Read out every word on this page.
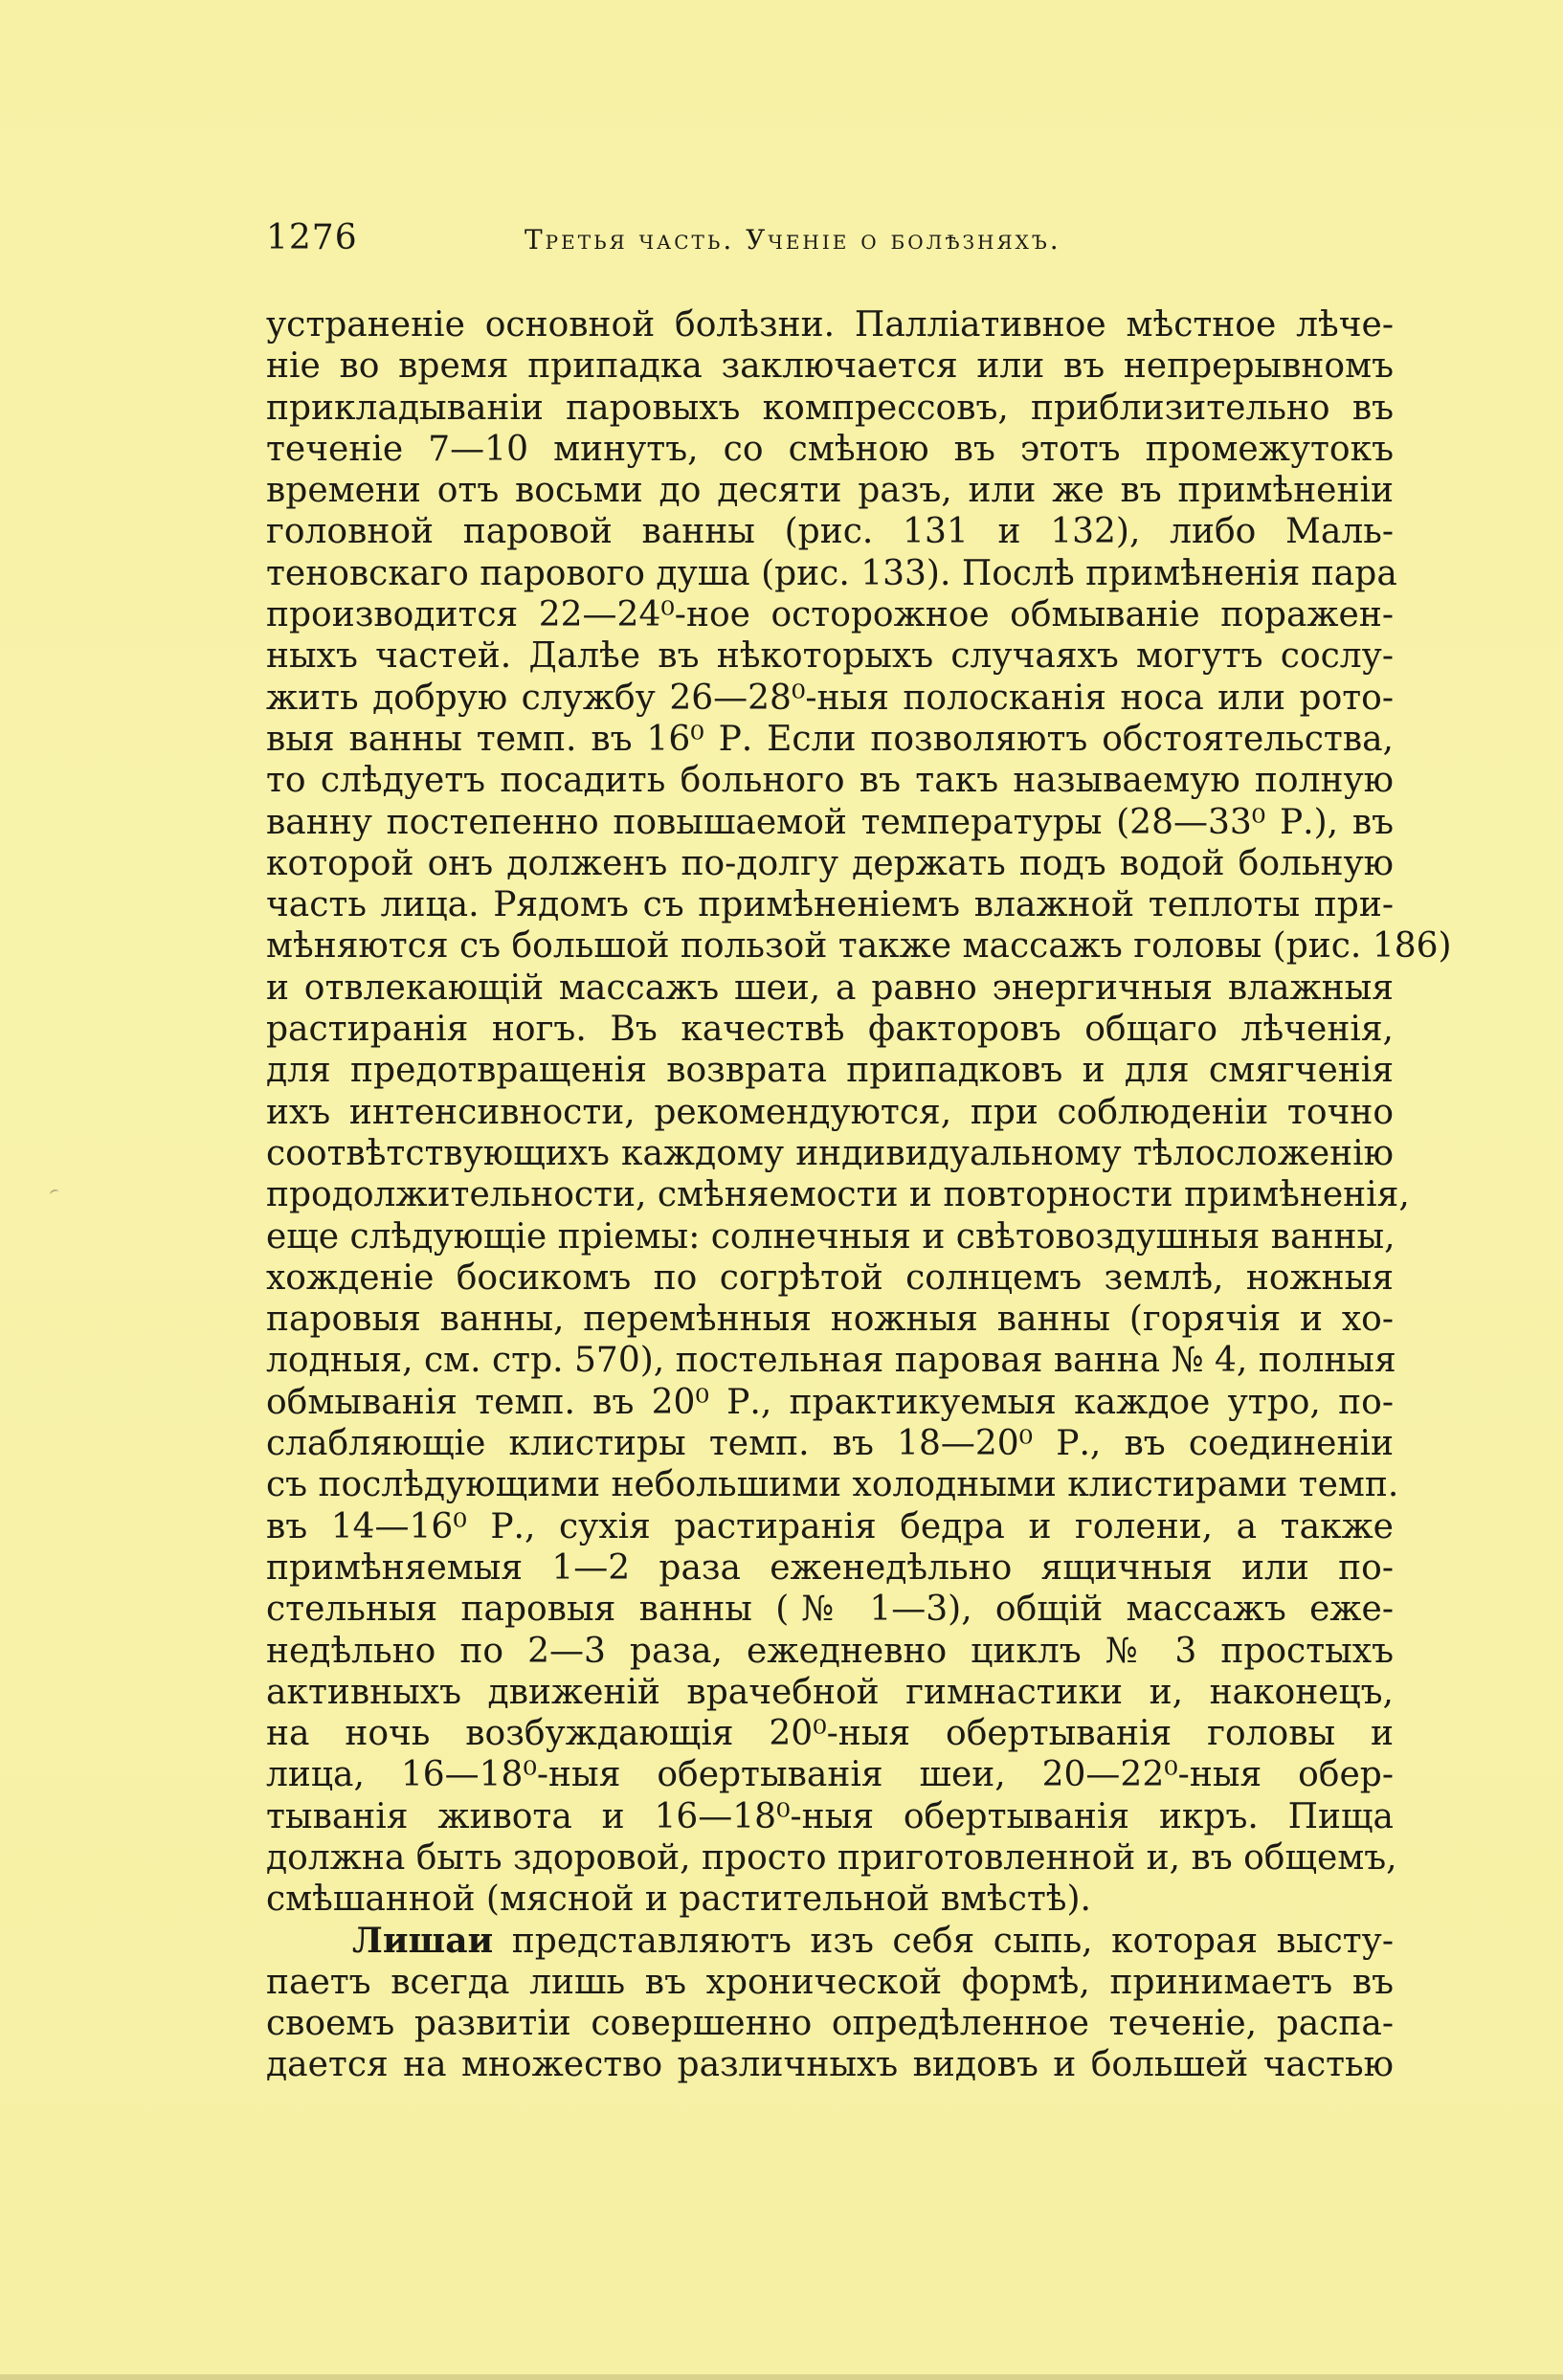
1276	Третья часть. Ученіе о болѣзняхъ.
устраненіе основной болѣзни. Палліативное мѣстное лѣче-
ніе во время припадка заключается или въ непрерывномъ
прикладываніи паровыхъ компрессовъ, приблизительно въ
теченіе 7—10 минутъ, со смѣною въ этотъ промежутокъ
времени отъ восьми до десяти разъ, или же въ примѣненіи
головной паровой ванны (рис. 131 и 132), либо Маль-
теновскаго парового душа (рис. 133). Послѣ примѣненія пара
производится 22—24⁰-ное осторожное обмываніе поражен-
ныхъ частей. Далѣе въ нѣкоторыхъ случаяхъ могутъ сослу-
жить добрую службу 26—28⁰-ныя полосканія носа или рото-
выя ванны темп. въ 16⁰ Р. Если позволяютъ обстоятельства,
то слѣдуетъ посадить больного въ такъ называемую полную
ванну постепенно повышаемой температуры (28—33⁰ Р.), въ
которой онъ долженъ по-долгу держать подъ водой больную
часть лица. Рядомъ съ примѣненіемъ влажной теплоты при-
мѣняются съ большой пользой также массажъ головы (рис. 186)
и отвлекающій массажъ шеи, а равно энергичныя влажныя
растиранія ногъ. Въ качествѣ факторовъ общаго лѣченія,
для предотвращенія возврата припадковъ и для смягченія
ихъ интенсивности, рекомендуются, при соблюденіи точно
соотвѣтствующихъ каждому индивидуальному тѣлосложенію
продолжительности, смѣняемости и повторности примѣненія,
еще слѣдующіе пріемы: солнечныя и свѣтовоздушныя ванны,
хожденіе босикомъ по согрѣтой солнцемъ землѣ, ножныя
паровыя ванны, перемѣнныя ножныя ванны (горячія и хо-
лодныя, см. стр. 570), постельная паровая ванна № 4, полныя
обмыванія темп. въ 20⁰ Р., практикуемыя каждое утро, по-
слабляющіе клистиры темп. въ 18—20⁰ Р., въ соединеніи
съ послѣдующими небольшими холодными клистирами темп.
въ 14—16⁰ Р., сухія растиранія бедра и голени, а также
примѣняемыя 1—2 раза еженедѣльно ящичныя или по-
стельныя паровыя ванны (№ 1—3), общій массажъ еже-
недѣльно по 2—3 раза, ежедневно циклъ № 3 простыхъ
активныхъ движеній врачебной гимнастики и, наконецъ,
на ночь возбуждающія 20⁰-ныя обертыванія головы и
лица, 16—18⁰-ныя обертыванія шеи, 20—22⁰-ныя обер-
тыванія живота и 16—18⁰-ныя обертыванія икръ. Пища
должна быть здоровой, просто приготовленной и, въ общемъ,
смѣшанной (мясной и растительной вмѣстѣ).
Лишаи представляютъ изъ себя сыпь, которая высту-
паетъ всегда лишь въ хронической формѣ, принимаетъ въ
своемъ развитіи совершенно опредѣленное теченіе, распа-
дается на множество различныхъ видовъ и большей частью
